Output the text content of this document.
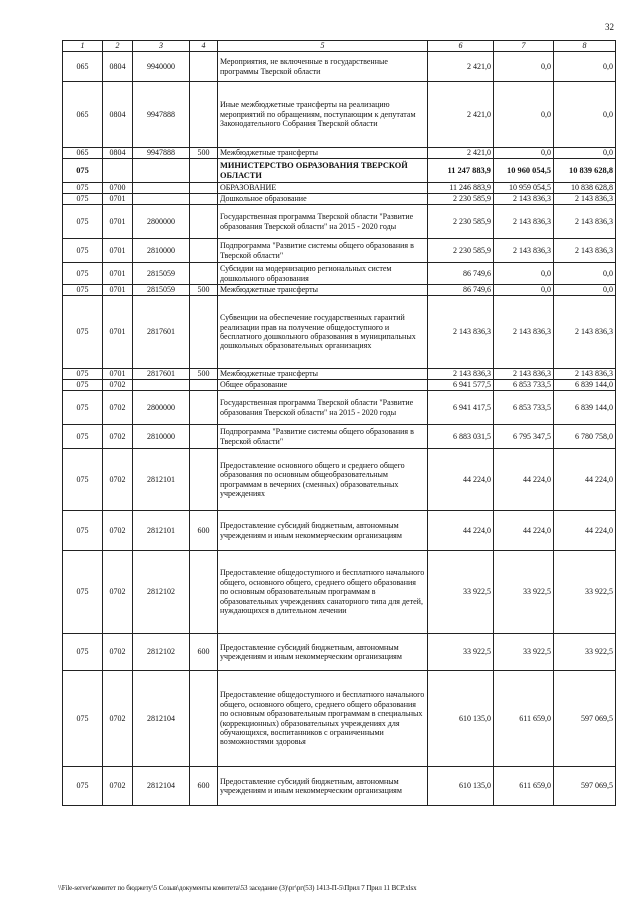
32
1	2	3	4	5	6	7	8
065	0804	9940000		Мероприятия, не включенные в государственные программы Тверской области	2 421,0	0,0	0,0
065	0804	9947888		Иные межбюджетные трансферты на реализацию мероприятий по обращениям, поступающим к депутатам Законодательного Собрания Тверской области	2 421,0	0,0	0,0
065	0804	9947888	500	Межбюджетные трансферты	2 421,0	0,0	0,0
075				МИНИСТЕРСТВО ОБРАЗОВАНИЯ ТВЕРСКОЙ ОБЛАСТИ	11 247 883,9	10 960 054,5	10 839 628,8
075	0700			ОБРАЗОВАНИЕ	11 246 883,9	10 959 054,5	10 838 628,8
075	0701			Дошкольное образование	2 230 585,9	2 143 836,3	2 143 836,3
075	0701	2800000		Государственная программа Тверской области "Развитие образования Тверской области" на 2015 - 2020 годы	2 230 585,9	2 143 836,3	2 143 836,3
075	0701	2810000		Подпрограмма "Развитие системы общего образования в Тверской области"	2 230 585,9	2 143 836,3	2 143 836,3
075	0701	2815059		Субсидии на модернизацию региональных систем дошкольного образования	86 749,6	0,0	0,0
075	0701	2815059	500	Межбюджетные трансферты	86 749,6	0,0	0,0
075	0701	2817601		Субвенции на обеспечение государственных гарантий реализации прав на получение общедоступного и бесплатного дошкольного образования в муниципальных дошкольных образовательных организациях	2 143 836,3	2 143 836,3	2 143 836,3
075	0701	2817601	500	Межбюджетные трансферты	2 143 836,3	2 143 836,3	2 143 836,3
075	0702			Общее образование	6 941 577,5	6 853 733,5	6 839 144,0
075	0702	2800000		Государственная программа Тверской области "Развитие образования Тверской области" на 2015 - 2020 годы	6 941 417,5	6 853 733,5	6 839 144,0
075	0702	2810000		Подпрограмма "Развитие системы общего образования в Тверской области"	6 883 031,5	6 795 347,5	6 780 758,0
075	0702	2812101		Предоставление основного общего и среднего общего образования по основным общеобразовательным программам в вечерних (сменных) образовательных учреждениях	44 224,0	44 224,0	44 224,0
075	0702	2812101	600	Предоставление субсидий бюджетным, автономным учреждениям и иным некоммерческим организациям	44 224,0	44 224,0	44 224,0
075	0702	2812102		Предоставление общедоступного и бесплатного начального общего, основного общего, среднего общего образования по основным образовательным программам в образовательных учреждениях санаторного типа для детей, нуждающихся в длительном лечении	33 922,5	33 922,5	33 922,5
075	0702	2812102	600	Предоставление субсидий бюджетным, автономным учреждениям и иным некоммерческим организациям	33 922,5	33 922,5	33 922,5
075	0702	2812104		Предоставление общедоступного и бесплатного начального общего, основного общего, среднего общего образования по основным образовательным программам в специальных (коррекционных) образовательных учреждениях для обучающихся, воспитанников с ограниченными возможностями здоровья	610 135,0	611 659,0	597 069,5
075	0702	2812104	600	Предоставление субсидий бюджетным, автономным учреждениям и иным некоммерческим организациям	610 135,0	611 659,0	597 069,5
\\File-server\комитет по бюджету\5 Созыв\документы комитета\53 заседание (3)\рг\рг(53) 1413-П-5\Прил 7 Прил 11 ВСР.xlsx
